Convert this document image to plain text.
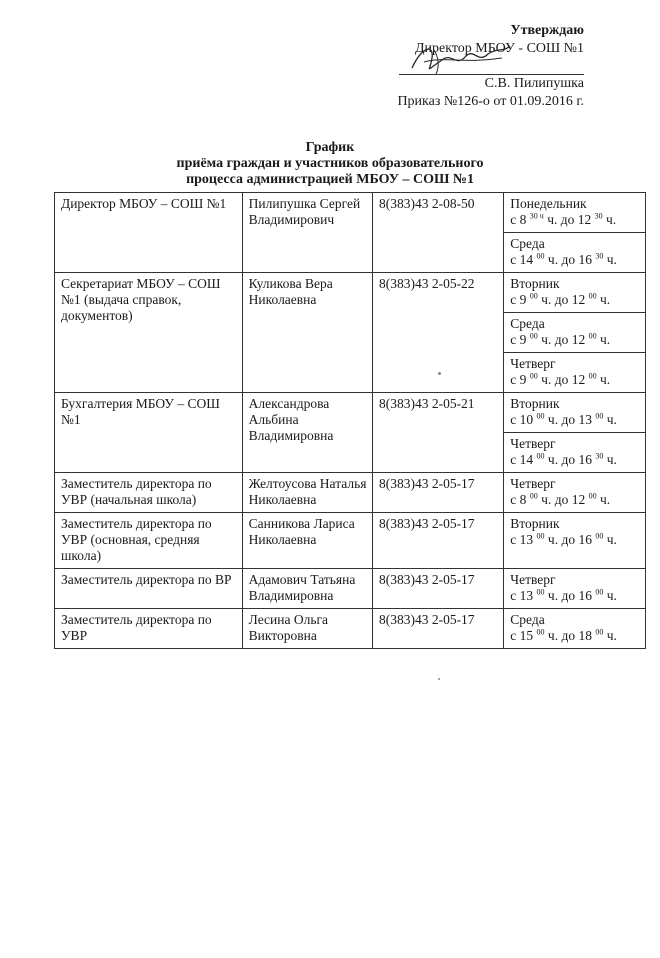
Утверждаю
Директор МБОУ - СОШ №1
С.В. Пилипушка
Приказ №126-о от 01.09.2016 г.
График
приёма граждан и участников образовательного
процесса администрацией МБОУ – СОШ №1
Директор МБОУ – СОШ №1	Пилипушка Сергей Владимирович	8(383)43 2-08-50	Понедельник
с 8 $^{30 ч}$ ч. до 12 $^{30}$ ч.

			Среда
с 14 $^{00}$ ч. до 16 $^{30}$ ч.

Секретариат МБОУ – СОШ №1 (выдача справок, документов)	Куликова Вера Николаевна	8(383)43 2-05-22	Вторник
с 9 $^{00}$ ч. до 12 $^{00}$ ч.

			Среда
с 9 $^{00}$ ч. до 12 $^{00}$ ч.

			Четверг
с 9 $^{00}$ ч. до 12 $^{00}$ ч.

Бухгалтерия МБОУ – СОШ №1	Александрова Альбина Владимировна	8(383)43 2-05-21	Вторник
с 10 $^{00}$ ч. до 13 $^{00}$ ч.

			Четверг
с 14 $^{00}$ ч. до 16 $^{30}$ ч.

Заместитель директора по УВР (начальная школа)	Желтоусова Наталья Николаевна	8(383)43 2-05-17	Четверг
с 8 $^{00}$ ч. до 12 $^{00}$ ч.

Заместитель директора по УВР (основная, средняя школа)	Санникова Лариса Николаевна	8(383)43 2-05-17	Вторник
с 13 $^{00}$ ч. до 16 $^{00}$ ч.

Заместитель директора по ВР	Адамович Татьяна Владимировна	8(383)43 2-05-17	Четверг
с 13 $^{00}$ ч. до 16 $^{00}$ ч.

Заместитель директора по УВР	Лесина Ольга Викторовна	8(383)43 2-05-17	Среда
с 15 $^{00}$ ч. до 18 $^{00}$ ч.
